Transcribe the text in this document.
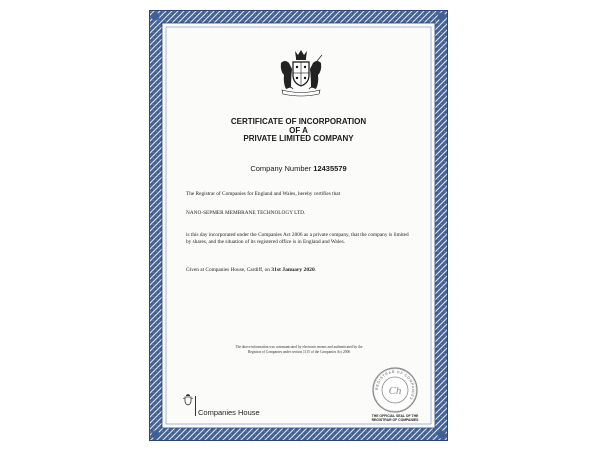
CERTIFICATE OF INCORPORATION
OF A
PRIVATE LIMITED COMPANY
Company Number 12435579
The Registrar of Companies for England and Wales, hereby certifies that
NANO-SEPMER MEMBRANE TECHNOLOGY LTD.
is this day incorporated under the Companies Act 2006 as a private company, that the company is limited by shares, and the situation of its registered office is in England and Wales.
Given at Companies House, Cardiff, on 31st January 2020.
The above information was communicated by electronic means and authenticated by the
Registrar of Companies under section 1115 of the Companies Act 2006
Companies House
REGISTRAR OF COMPANIES
Ch
THE OFFICIAL SEAL OF THE
REGISTRAR OF COMPANIES
